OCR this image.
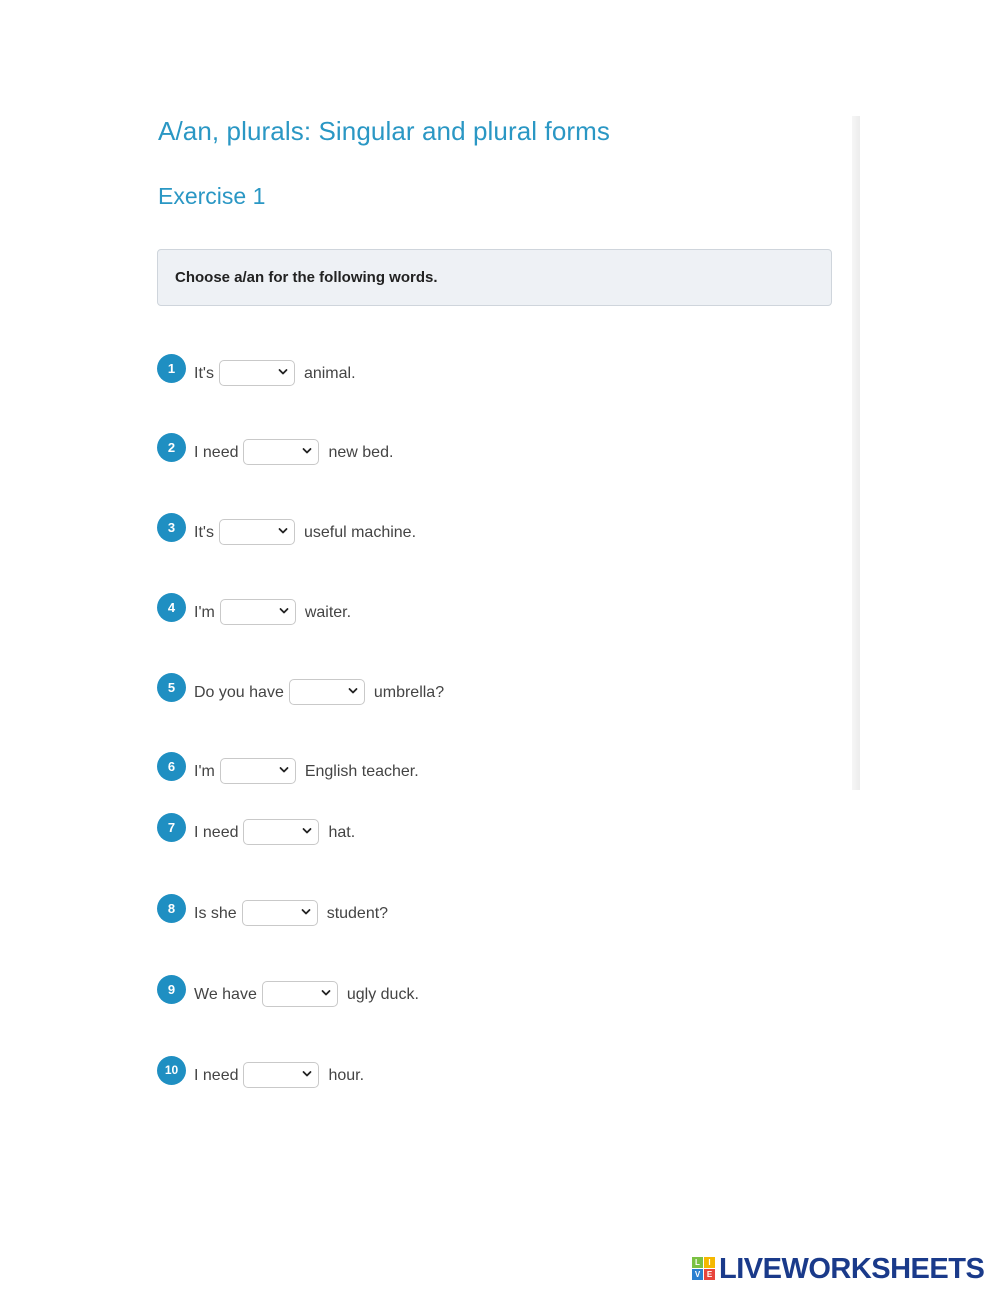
A/an, plurals: Singular and plural forms
Exercise 1
Choose a/an for the following words.
1	It's	animal.
2	I need	new bed.
3	It's	useful machine.
4	I'm	waiter.
5	Do you have	umbrella?
6	I'm	English teacher.
7	I need	hat.
8	Is she	student?
9	We have	ugly duck.
10 I need	hour.
L	I
V E LIVEWORKSHEETS
